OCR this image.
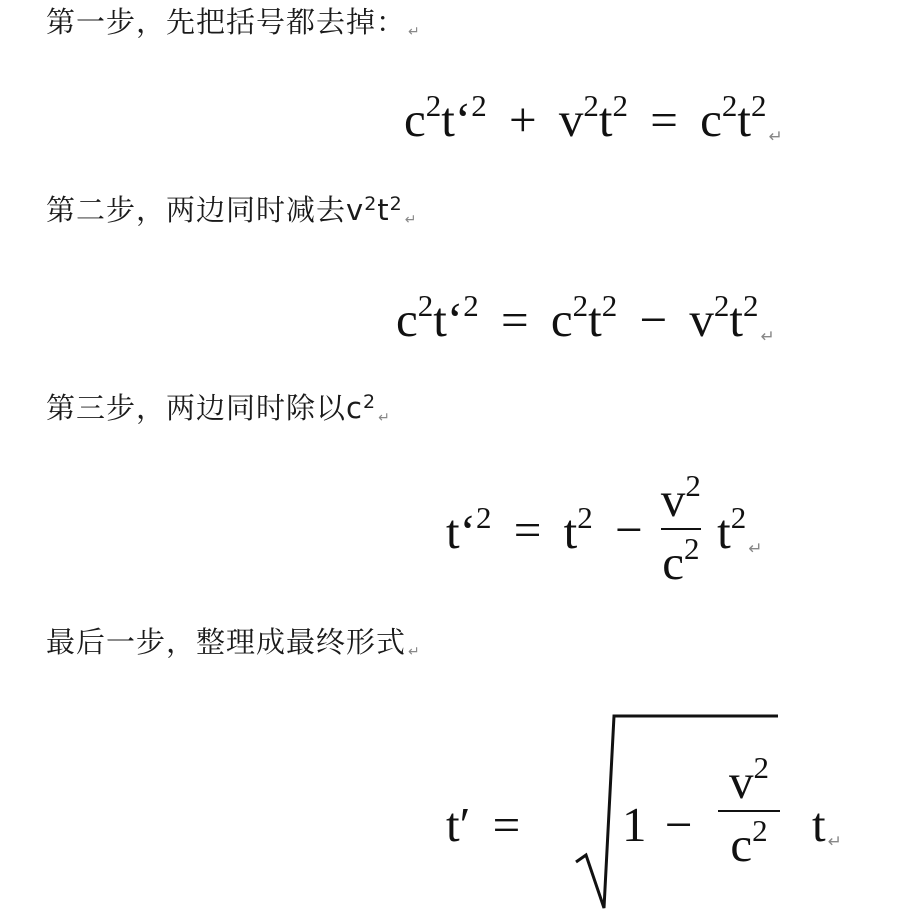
第一步，先把括号都去掉： ↵
$c^2t‘^2 + v^2t^2$ = $c^2t^2↵$
第二步，两边同时减去$v^2t^2↵$
$c^2t‘^2 = c^2t^2$ − $v^2t^2↵$
第三步，两边同时除以$c^2↵$
t‘$^2$ = $t^2 - \frac{v^2}{c^2}$ $t^2↵$
最后一步，整理成最终形式 ↵
t′ = 1 −
$v^2$
$c^2$ t ↵
